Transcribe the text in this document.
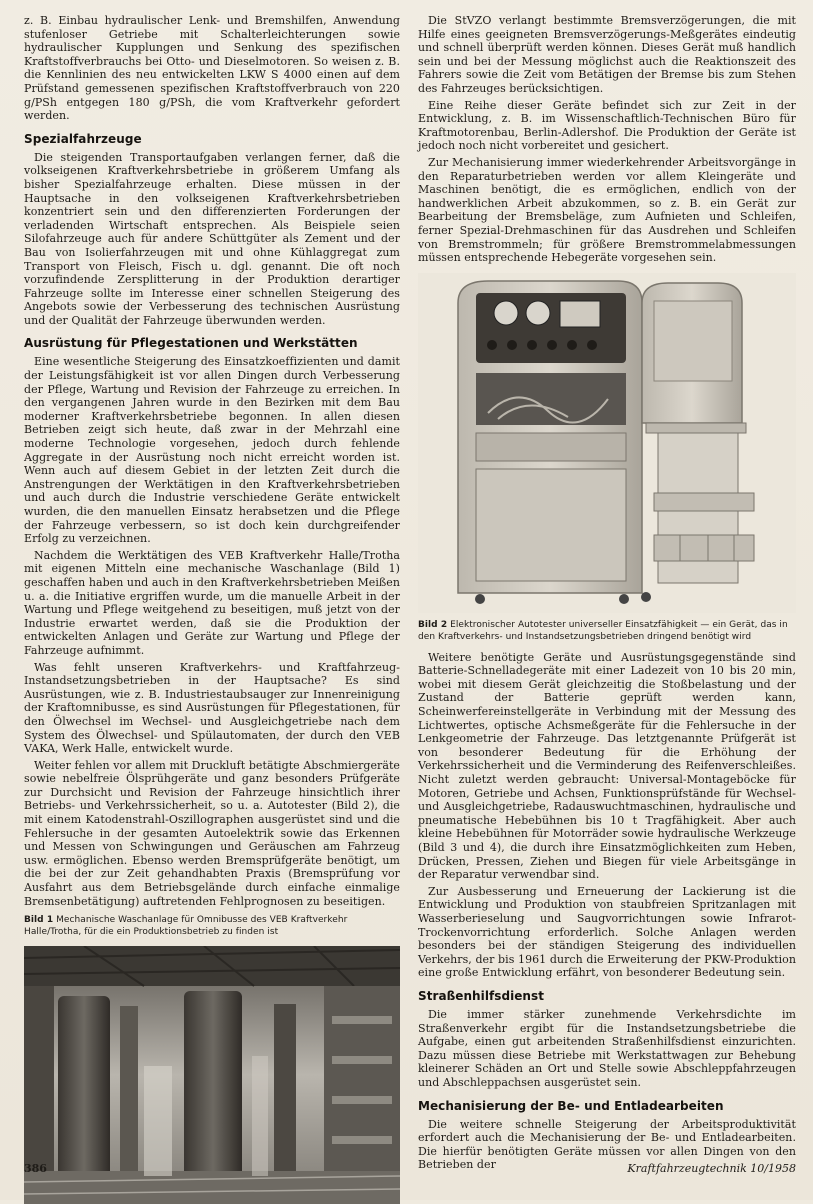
z. B. Einbau hydraulischer Lenk- und Bremshilfen, Anwendung stufenloser Getriebe mit Schalterleichterungen sowie hydraulischer Kupplungen und Senkung des spezifischen Kraftstoffverbrauchs bei Otto- und Dieselmotoren. So weisen z. B. die Kennlinien des neu entwickelten LKW S 4000 einen auf dem Prüfstand gemessenen spezifischen Kraftstoffverbrauch von 220 g/PSh entgegen 180 g/PSh, die vom Kraftverkehr gefordert werden.

Spezialfahrzeuge

Die steigenden Transportaufgaben verlangen ferner, daß die volkseigenen Kraftverkehrsbetriebe in größerem Umfang als bisher Spezialfahrzeuge erhalten. Diese müssen in der Hauptsache in den volkseigenen Kraftverkehrsbetrieben konzentriert sein und den differenzierten Forderungen der verladenden Wirtschaft entsprechen. Als Beispiele seien Silofahrzeuge auch für andere Schüttgüter als Zement und der Bau von Isolierfahrzeugen mit und ohne Kühlaggregat zum Transport von Fleisch, Fisch u. dgl. genannt. Die oft noch vorzufindende Zersplitterung in der Produktion derartiger Fahrzeuge sollte im Interesse einer schnellen Steigerung des Angebots sowie der Verbesserung des technischen Ausrüstung und der Qualität der Fahrzeuge überwunden werden.

Ausrüstung für Pflegestationen und Werkstätten

Eine wesentliche Steigerung des Einsatzkoeffizienten und damit der Leistungsfähigkeit ist vor allen Dingen durch Verbesserung der Pflege, Wartung und Revision der Fahrzeuge zu erreichen. In den vergangenen Jahren wurde in den Bezirken mit dem Bau moderner Kraftverkehrsbetriebe begonnen. In allen diesen Betrieben zeigt sich heute, daß zwar in der Mehrzahl eine moderne Technologie vorgesehen, jedoch durch fehlende Aggregate in der Ausrüstung noch nicht erreicht worden ist. Wenn auch auf diesem Gebiet in der letzten Zeit durch die Anstrengungen der Werktätigen in den Kraftverkehrsbetrieben und auch durch die Industrie verschiedene Geräte entwickelt wurden, die den manuellen Einsatz herabsetzen und die Pflege der Fahrzeuge verbessern, so ist doch kein durchgreifender Erfolg zu verzeichnen.

Nachdem die Werktätigen des VEB Kraftverkehr Halle/Trotha mit eigenen Mitteln eine mechanische Waschanlage (Bild 1) geschaffen haben und auch in den Kraftverkehrsbetrieben Meißen u. a. die Initiative ergriffen wurde, um die manuelle Arbeit in der Wartung und Pflege weitgehend zu beseitigen, muß jetzt von der Industrie erwartet werden, daß sie die Produktion der entwickelten Anlagen und Geräte zur Wartung und Pflege der Fahrzeuge aufnimmt.

Was fehlt unseren Kraftverkehrs- und Kraftfahrzeug-Instandsetzungsbetrieben in der Hauptsache? Es sind Ausrüstungen, wie z. B. Industriestaubsauger zur Innenreinigung der Kraftomnibusse, es sind Ausrüstungen für Pflegestationen, für den Ölwechsel im Wechsel- und Ausgleichgetriebe nach dem System des Ölwechsel- und Spülautomaten, der durch den VEB VAKA, Werk Halle, entwickelt wurde.

Weiter fehlen vor allem mit Druckluft betätigte Abschmiergeräte sowie nebelfreie Ölsprühgeräte und ganz besonders Prüfgeräte zur Durchsicht und Revision der Fahrzeuge hinsichtlich ihrer Betriebs- und Verkehrssicherheit, so u. a. Autotester (Bild 2), die mit einem Katodenstrahl-Oszillographen ausgerüstet sind und die Fehlersuche in der gesamten Autoelektrik sowie das Erkennen und Messen von Schwingungen und Geräuschen am Fahrzeug usw. ermöglichen. Ebenso werden Bremsprüfgeräte benötigt, um die bei der zur Zeit gehandhabten Praxis (Bremsprüfung vor Ausfahrt aus dem Betriebsgelände durch einfache einmalige Bremsenbetätigung) auftretenden Fehlprognosen zu beseitigen.

Bild 1 Mechanische Waschanlage für Omnibusse des VEB Kraftverkehr Halle/Trotha, für die ein Produktionsbetrieb zu finden ist

Die StVZO verlangt bestimmte Bremsverzögerungen, die mit Hilfe eines geeigneten Bremsverzögerungs-Meßgerätes eindeutig und schnell überprüft werden können. Dieses Gerät muß handlich sein und bei der Messung möglichst auch die Reaktionszeit des Fahrers sowie die Zeit vom Betätigen der Bremse bis zum Stehen des Fahrzeuges berücksichtigen.

Eine Reihe dieser Geräte befindet sich zur Zeit in der Entwicklung, z. B. im Wissenschaftlich-Technischen Büro für Kraftmotorenbau, Berlin-Adlershof. Die Produktion der Geräte ist jedoch noch nicht vorbereitet und gesichert.

Zur Mechanisierung immer wiederkehrender Arbeitsvorgänge in den Reparaturbetrieben werden vor allem Kleingeräte und Maschinen benötigt, die es ermöglichen, endlich von der handwerklichen Arbeit abzukommen, so z. B. ein Gerät zur Bearbeitung der Bremsbeläge, zum Aufnieten und Schleifen, ferner Spezial-Drehmaschinen für das Ausdrehen und Schleifen von Bremstrommeln; für größere Bremstrommelabmessungen müssen entsprechende Hebegeräte vorgesehen sein.

Bild 2 Elektronischer Autotester universeller Einsatzfähigkeit — ein Gerät, das in den Kraftverkehrs- und Instandsetzungsbetrieben dringend benötigt wird

Weitere benötigte Geräte und Ausrüstungsgegenstände sind Batterie-Schnelladegeräte mit einer Ladezeit von 10 bis 20 min, wobei mit diesem Gerät gleichzeitig die Stoßbelastung und der Zustand der Batterie geprüft werden kann, Scheinwerfereinstellgeräte in Verbindung mit der Messung des Lichtwertes, optische Achsmeßgeräte für die Fehlersuche in der Lenkgeometrie der Fahrzeuge. Das letztgenannte Prüfgerät ist von besonderer Bedeutung für die Erhöhung der Verkehrssicherheit und die Verminderung des Reifenverschleißes. Nicht zuletzt werden gebraucht: Universal-Montageböcke für Motoren, Getriebe und Achsen, Funktionsprüfstände für Wechsel- und Ausgleichgetriebe, Radauswuchtmaschinen, hydraulische und pneumatische Hebebühnen bis 10 t Tragfähigkeit. Aber auch kleine Hebebühnen für Motorräder sowie hydraulische Werkzeuge (Bild 3 und 4), die durch ihre Einsatzmöglichkeiten zum Heben, Drücken, Pressen, Ziehen und Biegen für viele Arbeitsgänge in der Reparatur verwendbar sind.

Zur Ausbesserung und Erneuerung der Lackierung ist die Entwicklung und Produktion von staubfreien Spritzanlagen mit Wasserberieselung und Saugvorrichtungen sowie Infrarot-Trockenvorrichtung erforderlich. Solche Anlagen werden besonders bei der ständigen Steigerung des individuellen Verkehrs, der bis 1961 durch die Erweiterung der PKW-Produktion eine große Entwicklung erfährt, von besonderer Bedeutung sein.

Straßenhilfsdienst

Die immer stärker zunehmende Verkehrsdichte im Straßenverkehr ergibt für die Instandsetzungsbetriebe die Aufgabe, einen gut arbeitenden Straßenhilfsdienst einzurichten. Dazu müssen diese Betriebe mit Werkstattwagen zur Behebung kleinerer Schäden an Ort und Stelle sowie Abschleppfahrzeugen und Abschleppachsen ausgerüstet sein.

Mechanisierung der Be- und Entladearbeiten

Die weitere schnelle Steigerung der Arbeitsproduktivität erfordert auch die Mechanisierung der Be- und Entladearbeiten. Die hierfür benötigten Geräte müssen vor allen Dingen von den Betrieben der

386	Kraftfahrzeugtechnik 10/1958
